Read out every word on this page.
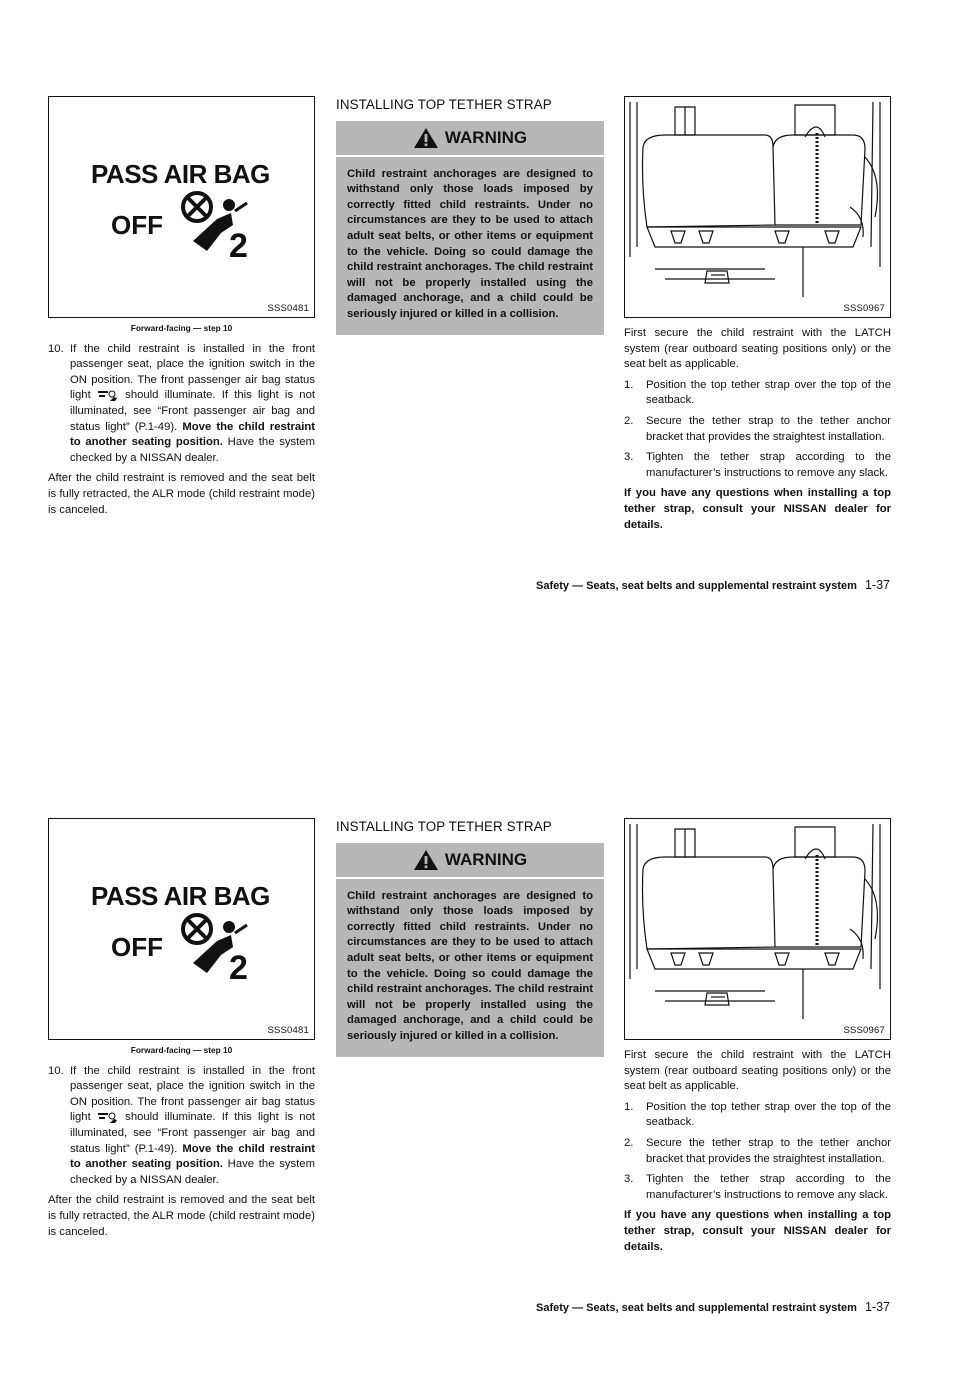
PASS AIR BAG
OFF
2
SSS0481

Forward-facing — step 10

10. If the child restraint is installed in the front passenger seat, place the ignition switch in the ON position. The front passenger air bag status light	should illuminate. If this light is not illuminated, see “Front passenger air bag and status light” (P.1-49). Move the child restraint to another seating position. Have the system checked by a NISSAN dealer.

After the child restraint is removed and the seat belt is fully retracted, the ALR mode (child restraint mode) is canceled.

INSTALLING TOP TETHER STRAP
WARNING
Child restraint anchorages are designed to withstand only those loads imposed by correctly fitted child restraints. Under no circumstances are they to be used to attach adult seat belts, or other items or equipment to the vehicle. Doing so could damage the child restraint anchorages. The child restraint will not be properly installed using the damaged anchorage, and a child could be seriously injured or killed in a collision.	SSS0967

First secure the child restraint with the LATCH system (rear outboard seating positions only) or the seat belt as applicable.

1. Position the top tether strap over the top of the seatback.
2. Secure the tether strap to the tether anchor bracket that provides the straightest installation.
3. Tighten the tether strap according to the manufacturer’s instructions to remove any slack.

If you have any questions when installing a top tether strap, consult your NISSAN dealer for details.

Safety — Seats, seat belts and supplemental restraint system 1-37
PASS AIR BAG
OFF
2
SSS0481

Forward-facing — step 10

10. If the child restraint is installed in the front passenger seat, place the ignition switch in the ON position. The front passenger air bag status light	should illuminate. If this light is not illuminated, see “Front passenger air bag and status light” (P.1-49). Move the child restraint to another seating position. Have the system checked by a NISSAN dealer.

After the child restraint is removed and the seat belt is fully retracted, the ALR mode (child restraint mode) is canceled.

INSTALLING TOP TETHER STRAP
WARNING
Child restraint anchorages are designed to withstand only those loads imposed by correctly fitted child restraints. Under no circumstances are they to be used to attach adult seat belts, or other items or equipment to the vehicle. Doing so could damage the child restraint anchorages. The child restraint will not be properly installed using the damaged anchorage, and a child could be seriously injured or killed in a collision.	SSS0967

First secure the child restraint with the LATCH system (rear outboard seating positions only) or the seat belt as applicable.

1. Position the top tether strap over the top of the seatback.
2. Secure the tether strap to the tether anchor bracket that provides the straightest installation.
3. Tighten the tether strap according to the manufacturer’s instructions to remove any slack.

If you have any questions when installing a top tether strap, consult your NISSAN dealer for details.

Safety — Seats, seat belts and supplemental restraint system 1-37
